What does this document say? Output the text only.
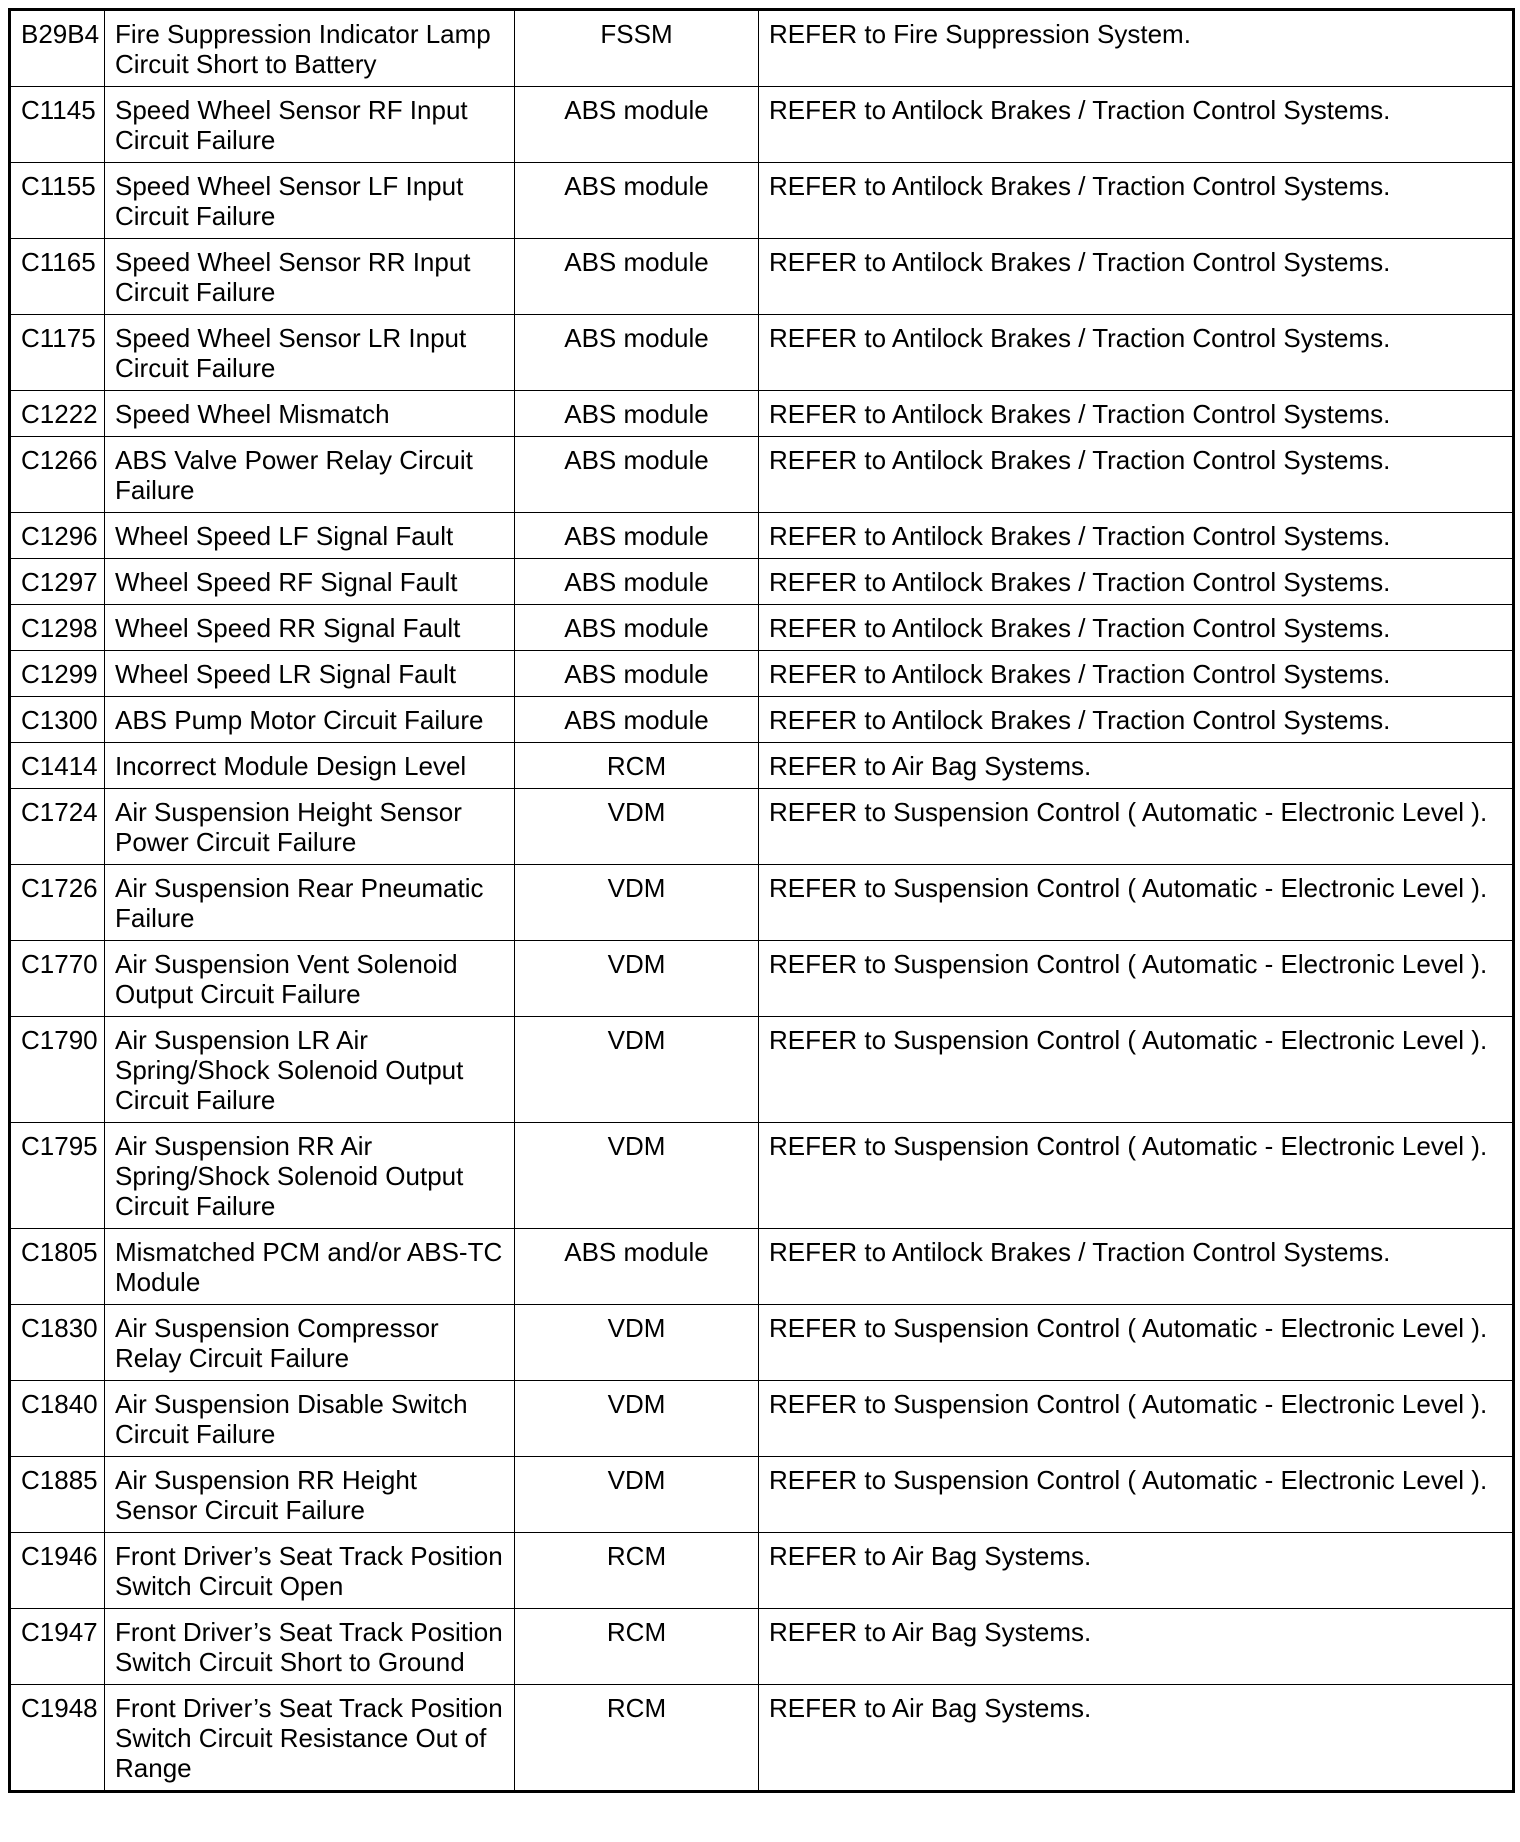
B29B4	Fire Suppression Indicator Lamp Circuit Short to Battery	FSSM	REFER to Fire Suppression System.
C1145	Speed Wheel Sensor RF Input Circuit Failure	ABS module	REFER to Antilock Brakes / Traction Control Systems.
C1155	Speed Wheel Sensor LF Input Circuit Failure	ABS module	REFER to Antilock Brakes / Traction Control Systems.
C1165	Speed Wheel Sensor RR Input Circuit Failure	ABS module	REFER to Antilock Brakes / Traction Control Systems.
C1175	Speed Wheel Sensor LR Input Circuit Failure	ABS module	REFER to Antilock Brakes / Traction Control Systems.
C1222	Speed Wheel Mismatch	ABS module	REFER to Antilock Brakes / Traction Control Systems.
C1266	ABS Valve Power Relay Circuit Failure	ABS module	REFER to Antilock Brakes / Traction Control Systems.
C1296	Wheel Speed LF Signal Fault	ABS module	REFER to Antilock Brakes / Traction Control Systems.
C1297	Wheel Speed RF Signal Fault	ABS module	REFER to Antilock Brakes / Traction Control Systems.
C1298	Wheel Speed RR Signal Fault	ABS module	REFER to Antilock Brakes / Traction Control Systems.
C1299	Wheel Speed LR Signal Fault	ABS module	REFER to Antilock Brakes / Traction Control Systems.
C1300	ABS Pump Motor Circuit Failure	ABS module	REFER to Antilock Brakes / Traction Control Systems.
C1414	Incorrect Module Design Level	RCM	REFER to Air Bag Systems.
C1724	Air Suspension Height Sensor Power Circuit Failure	VDM	REFER to Suspension Control ( Automatic - Electronic Level ).
C1726	Air Suspension Rear Pneumatic Failure	VDM	REFER to Suspension Control ( Automatic - Electronic Level ).
C1770	Air Suspension Vent Solenoid Output Circuit Failure	VDM	REFER to Suspension Control ( Automatic - Electronic Level ).
C1790	Air Suspension LR Air Spring/Shock Solenoid Output Circuit Failure	VDM	REFER to Suspension Control ( Automatic - Electronic Level ).
C1795	Air Suspension RR Air Spring/Shock Solenoid Output Circuit Failure	VDM	REFER to Suspension Control ( Automatic - Electronic Level ).
C1805	Mismatched PCM and/or ABS-TC Module	ABS module	REFER to Antilock Brakes / Traction Control Systems.
C1830	Air Suspension Compressor Relay Circuit Failure	VDM	REFER to Suspension Control ( Automatic - Electronic Level ).
C1840	Air Suspension Disable Switch Circuit Failure	VDM	REFER to Suspension Control ( Automatic - Electronic Level ).
C1885	Air Suspension RR Height Sensor Circuit Failure	VDM	REFER to Suspension Control ( Automatic - Electronic Level ).
C1946	Front Driver’s Seat Track Position Switch Circuit Open	RCM	REFER to Air Bag Systems.
C1947	Front Driver’s Seat Track Position Switch Circuit Short to Ground	RCM	REFER to Air Bag Systems.
C1948	Front Driver’s Seat Track Position Switch Circuit Resistance Out of Range	RCM	REFER to Air Bag Systems.
